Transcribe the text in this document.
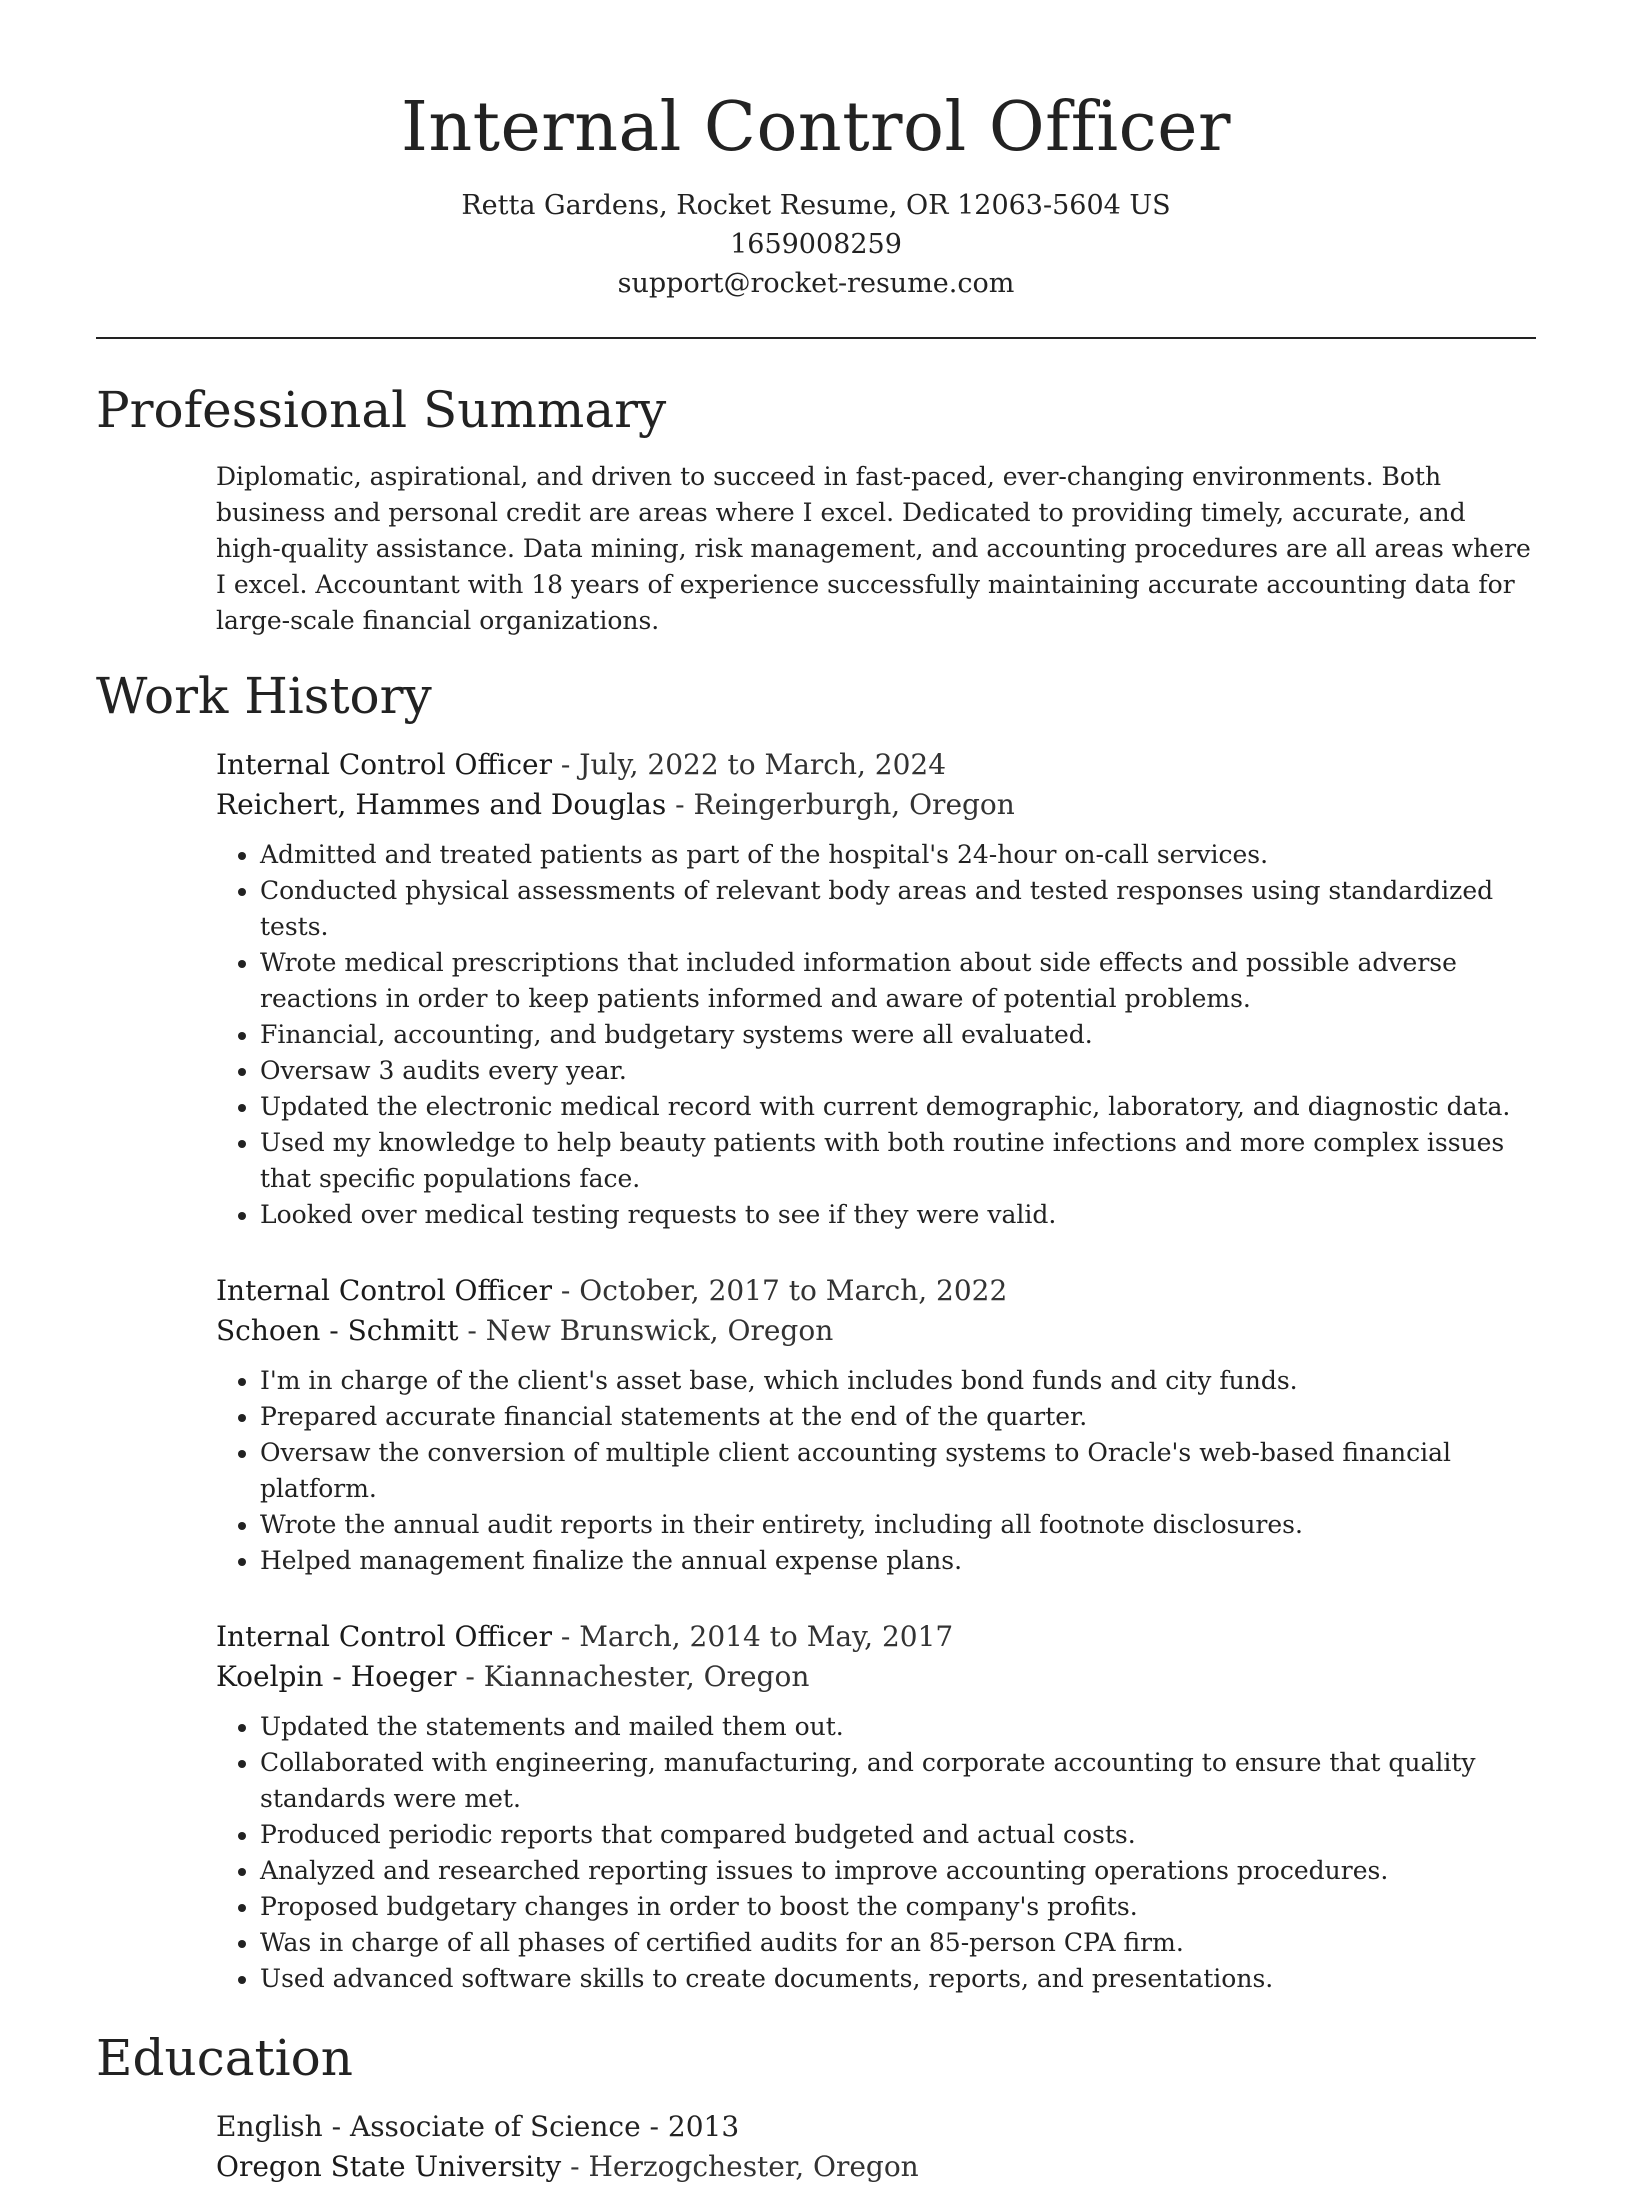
Internal Control Officer
Retta Gardens, Rocket Resume, OR 12063-5604 US
1659008259
support@rocket-resume.com
Professional Summary
Diplomatic, aspirational, and driven to succeed in fast-paced, ever-changing environments. Both business and personal credit are areas where I excel. Dedicated to providing timely, accurate, and high-quality assistance. Data mining, risk management, and accounting procedures are all areas where I excel. Accountant with 18 years of experience successfully maintaining accurate accounting data for large-scale financial organizations.
Work History
Internal Control Officer - July, 2022 to March, 2024
Reichert, Hammes and Douglas - Reingerburgh, Oregon
• Admitted and treated patients as part of the hospital's 24-hour on-call services.
• Conducted physical assessments of relevant body areas and tested responses using standardized tests.
• Wrote medical prescriptions that included information about side effects and possible adverse reactions in order to keep patients informed and aware of potential problems.
• Financial, accounting, and budgetary systems were all evaluated.
• Oversaw 3 audits every year.
• Updated the electronic medical record with current demographic, laboratory, and diagnostic data.
• Used my knowledge to help beauty patients with both routine infections and more complex issues that specific populations face.
• Looked over medical testing requests to see if they were valid.
Internal Control Officer - October, 2017 to March, 2022
Schoen - Schmitt - New Brunswick, Oregon
• I'm in charge of the client's asset base, which includes bond funds and city funds.
• Prepared accurate financial statements at the end of the quarter.
• Oversaw the conversion of multiple client accounting systems to Oracle's web-based financial platform.
• Wrote the annual audit reports in their entirety, including all footnote disclosures.
• Helped management finalize the annual expense plans.
Internal Control Officer - March, 2014 to May, 2017
Koelpin - Hoeger - Kiannachester, Oregon
• Updated the statements and mailed them out.
• Collaborated with engineering, manufacturing, and corporate accounting to ensure that quality standards were met.
• Produced periodic reports that compared budgeted and actual costs.
• Analyzed and researched reporting issues to improve accounting operations procedures.
• Proposed budgetary changes in order to boost the company's profits.
• Was in charge of all phases of certified audits for an 85-person CPA firm.
• Used advanced software skills to create documents, reports, and presentations.
Education
English - Associate of Science - 2013
Oregon State University - Herzogchester, Oregon
